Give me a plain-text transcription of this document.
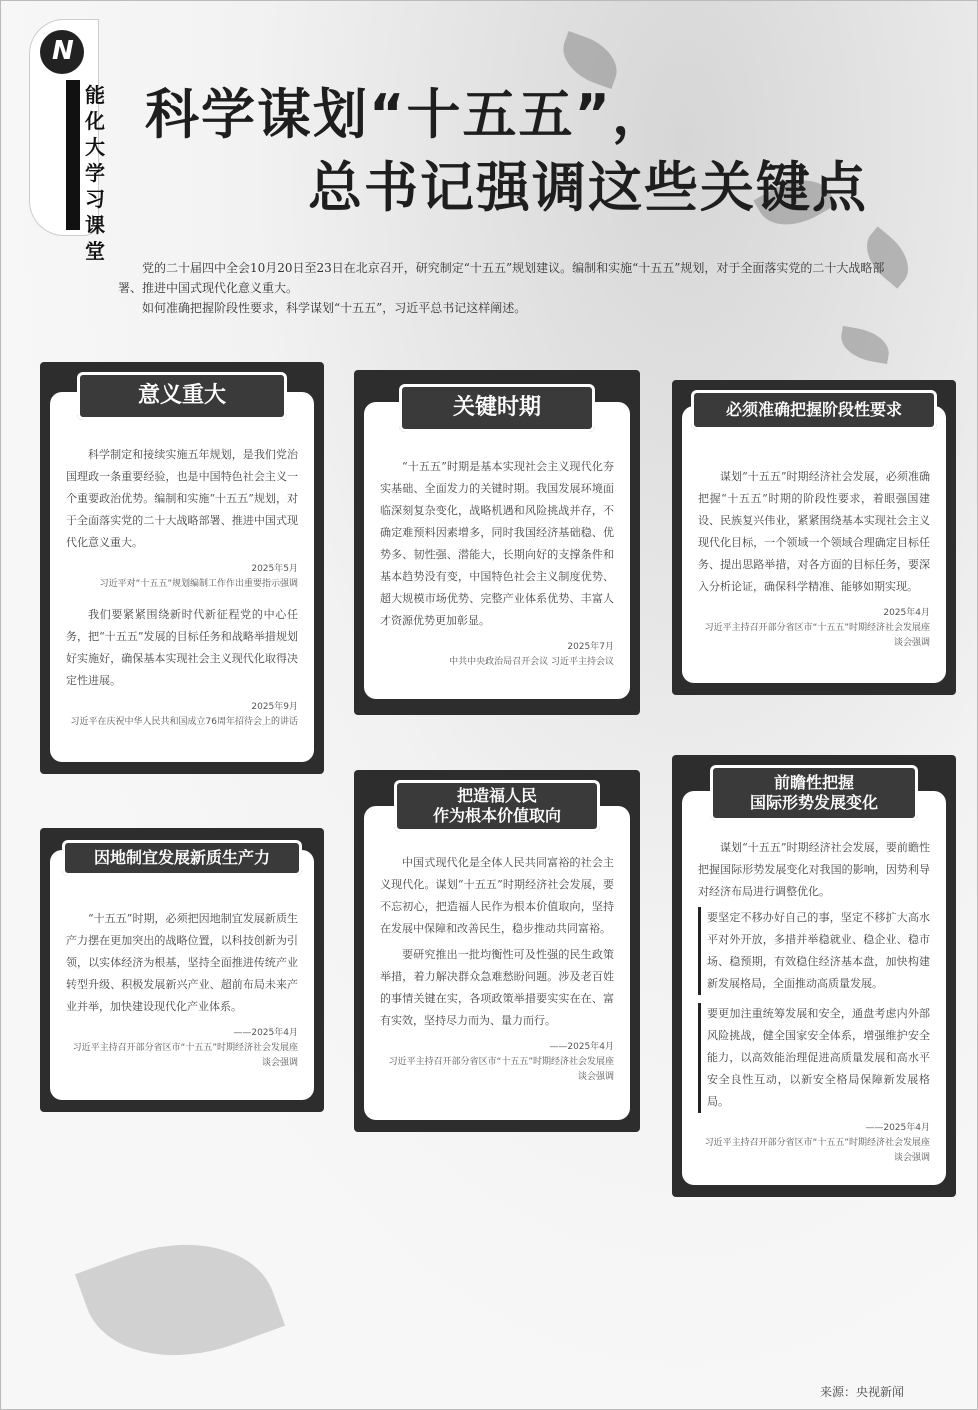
N
能化大学习课堂
科学谋划“十五五”，
总书记强调这些关键点

党的二十届四中全会10月20日至23日在北京召开，研究制定“十五五”规划建议。编制和实施“十五五”规划，对于全面落实党的二十大战略部署、推进中国式现代化意义重大。

如何准确把握阶段性要求，科学谋划“十五五”，习近平总书记这样阐述。

意义重大

科学制定和接续实施五年规划，是我们党治国理政一条重要经验，也是中国特色社会主义一个重要政治优势。编制和实施“十五五”规划，对于全面落实党的二十大战略部署、推进中国式现代化意义重大。

2025年5月
习近平对“十五五”规划编制工作作出重要指示强调

我们要紧紧围绕新时代新征程党的中心任务，把“十五五”发展的目标任务和战略举措规划好实施好，确保基本实现社会主义现代化取得决定性进展。

2025年9月
习近平在庆祝中华人民共和国成立76周年招待会上的讲话
关键时期

“十五五”时期是基本实现社会主义现代化夯实基础、全面发力的关键时期。我国发展环境面临深刻复杂变化，战略机遇和风险挑战并存，不确定难预料因素增多，同时我国经济基础稳、优势多、韧性强、潜能大，长期向好的支撑条件和基本趋势没有变，中国特色社会主义制度优势、超大规模市场优势、完整产业体系优势、丰富人才资源优势更加彰显。

2025年7月
中共中央政治局召开会议 习近平主持会议
必须准确把握阶段性要求

谋划“十五五”时期经济社会发展，必须准确把握“十五五”时期的阶段性要求，着眼强国建设、民族复兴伟业，紧紧围绕基本实现社会主义现代化目标，一个领域一个领域合理确定目标任务、提出思路举措，对各方面的目标任务，要深入分析论证，确保科学精准、能够如期实现。

2025年4月
习近平主持召开部分省区市“十五五”时期经济社会发展座谈会强调
因地制宜发展新质生产力

“十五五”时期，必须把因地制宜发展新质生产力摆在更加突出的战略位置，以科技创新为引领，以实体经济为根基，坚持全面推进传统产业转型升级、积极发展新兴产业、超前布局未来产业并举，加快建设现代化产业体系。

——2025年4月
习近平主持召开部分省区市“十五五”时期经济社会发展座谈会强调
把造福人民
作为根本价值取向

中国式现代化是全体人民共同富裕的社会主义现代化。谋划“十五五”时期经济社会发展，要不忘初心，把造福人民作为根本价值取向，坚持在发展中保障和改善民生，稳步推动共同富裕。

要研究推出一批均衡性可及性强的民生政策举措，着力解决群众急难愁盼问题。涉及老百姓的事情关键在实，各项政策举措要实实在在、富有实效，坚持尽力而为、量力而行。

——2025年4月
习近平主持召开部分省区市“十五五”时期经济社会发展座谈会强调
前瞻性把握
国际形势发展变化

谋划“十五五”时期经济社会发展，要前瞻性把握国际形势发展变化对我国的影响，因势利导对经济布局进行调整优化。

要坚定不移办好自己的事，坚定不移扩大高水平对外开放，多措并举稳就业、稳企业、稳市场、稳预期，有效稳住经济基本盘，加快构建新发展格局，全面推动高质量发展。

要更加注重统筹发展和安全，通盘考虑内外部风险挑战，健全国家安全体系，增强维护安全能力，以高效能治理促进高质量发展和高水平安全良性互动，以新安全格局保障新发展格局。

——2025年4月
习近平主持召开部分省区市“十五五”时期经济社会发展座谈会强调
来源：央视新闻
